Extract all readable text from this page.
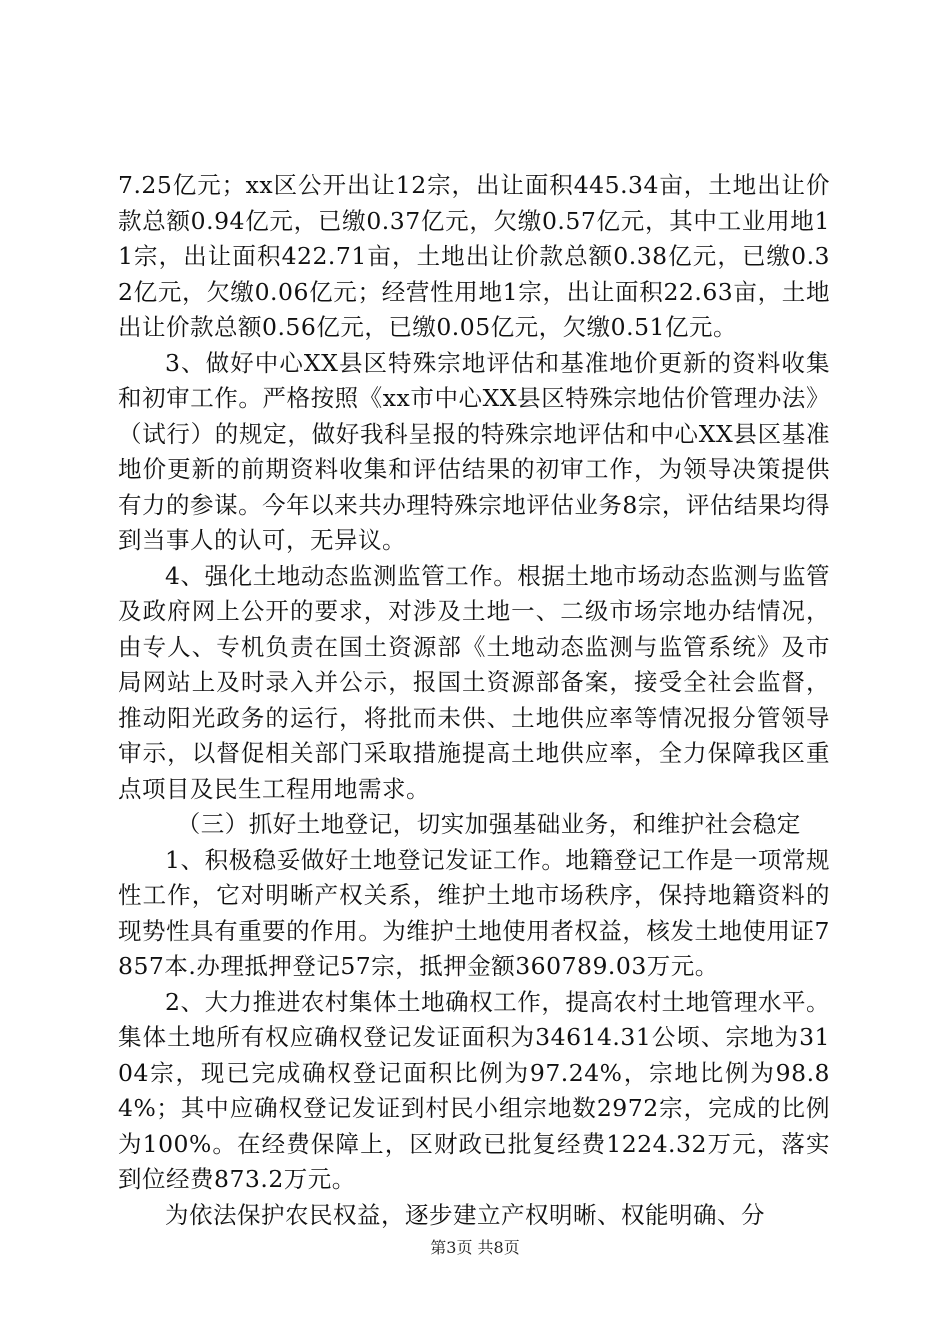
7.25亿元；xx区公开出让12宗，出让面积445.34亩，土地出让价款总额0.94亿元，已缴0.37亿元，欠缴0.57亿元，其中工业用地11宗，出让面积422.71亩，土地出让价款总额0.38亿元，已缴0.32亿元，欠缴0.06亿元；经营性用地1宗，出让面积22.63亩，土地出让价款总额0.56亿元，已缴0.05亿元，欠缴0.51亿元。

3、做好中心XX县区特殊宗地评估和基准地价更新的资料收集和初审工作。严格按照《xx市中心XX县区特殊宗地估价管理办法》（试行）的规定，做好我科呈报的特殊宗地评估和中心XX县区基准地价更新的前期资料收集和评估结果的初审工作，为领导决策提供有力的参谋。今年以来共办理特殊宗地评估业务8宗，评估结果均得到当事人的认可，无异议。

4、强化土地动态监测监管工作。根据土地市场动态监测与监管及政府网上公开的要求，对涉及土地一、二级市场宗地办结情况，由专人、专机负责在国土资源部《土地动态监测与监管系统》及市局网站上及时录入并公示，报国土资源部备案，接受全社会监督，推动阳光政务的运行，将批而未供、土地供应率等情况报分管领导审示，以督促相关部门采取措施提高土地供应率，全力保障我区重点项目及民生工程用地需求。

（三）抓好土地登记，切实加强基础业务，和维护社会稳定

1、积极稳妥做好土地登记发证工作。地籍登记工作是一项常规性工作，它对明晰产权关系，维护土地市场秩序，保持地籍资料的现势性具有重要的作用。为维护土地使用者权益，核发土地使用证7857本.办理抵押登记57宗，抵押金额360789.03万元。

2、大力推进农村集体土地确权工作，提高农村土地管理水平。集体土地所有权应确权登记发证面积为34614.31公顷、宗地为3104宗，现已完成确权登记面积比例为97.24%，宗地比例为98.84%；其中应确权登记发证到村民小组宗地数2972宗，完成的比例为100%。在经费保障上，区财政已批复经费1224.32万元，落实到位经费873.2万元。

为依法保护农民权益，逐步建立产权明晰、权能明确、分

第3页 共8页
